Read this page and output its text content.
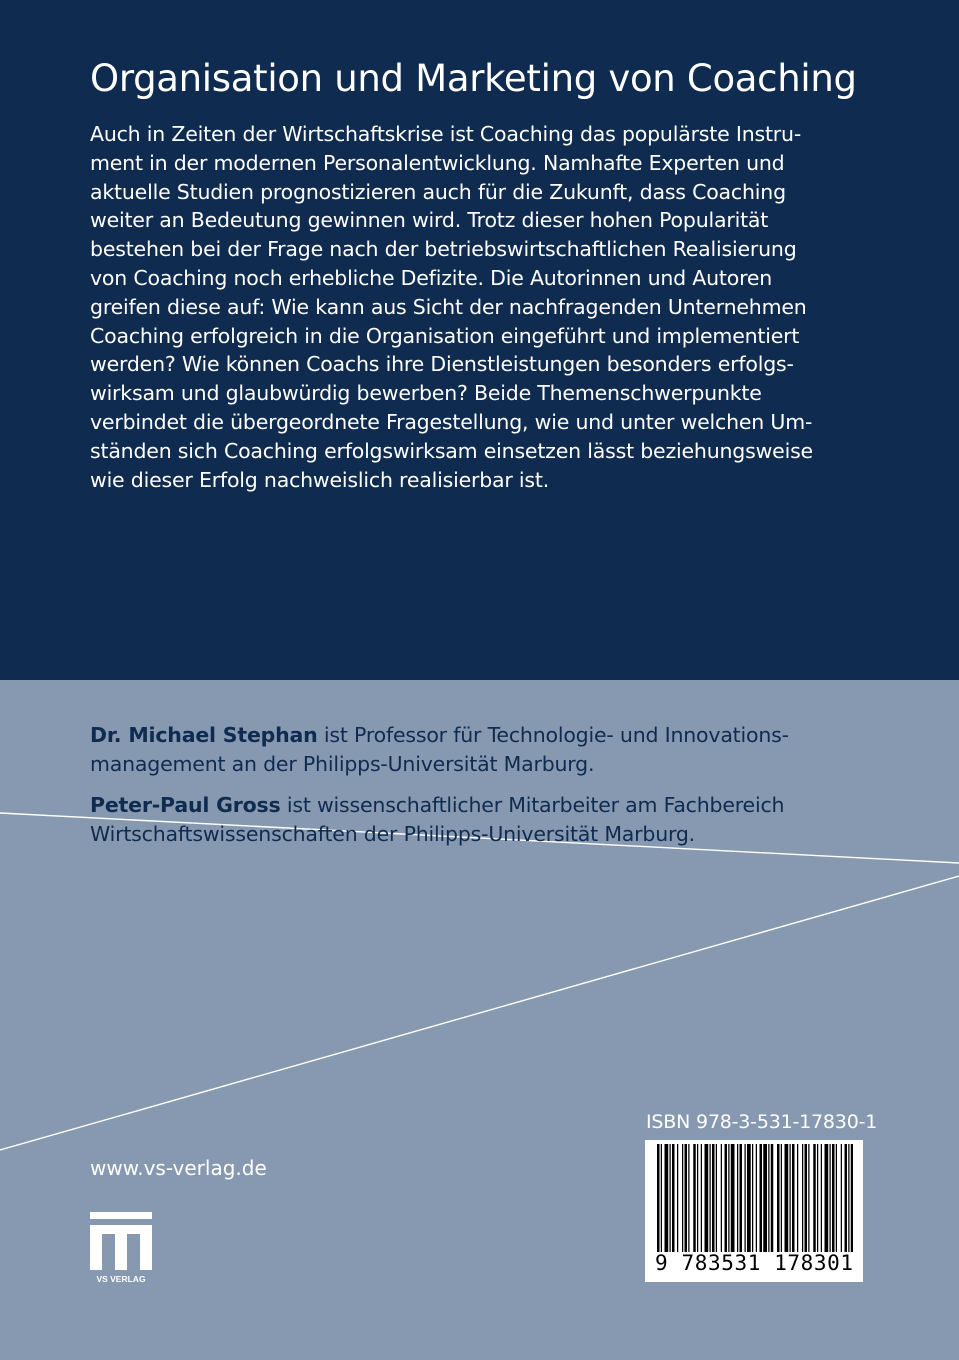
Organisation und Marketing von Coaching

Auch in Zeiten der Wirtschaftskrise ist Coaching das populärste Instru-
ment in der modernen Personalentwicklung. Namhafte Experten und
aktuelle Studien prognostizieren auch für die Zukunft, dass Coaching
weiter an Bedeutung gewinnen wird. Trotz dieser hohen Popularität
bestehen bei der Frage nach der betriebswirtschaftlichen Realisierung
von Coaching noch erhebliche Defizite. Die Autorinnen und Autoren
greifen diese auf: Wie kann aus Sicht der nachfragenden Unternehmen
Coaching erfolgreich in die Organisation eingeführt und implementiert
werden? Wie können Coachs ihre Dienstleistungen besonders erfolgs-
wirksam und glaubwürdig bewerben? Beide Themenschwerpunkte
verbindet die übergeordnete Fragestellung, wie und unter welchen Um-
ständen sich Coaching erfolgswirksam einsetzen lässt beziehungsweise
wie dieser Erfolg nachweislich realisierbar ist.

Dr. Michael Stephan ist Professor für Technologie- und Innovations-
management an der Philipps-Universität Marburg.

Peter-Paul Gross ist wissenschaftlicher Mitarbeiter am Fachbereich
Wirtschaftswissenschaften der Philipps-Universität Marburg.

www.vs-verlag.de
VS VERLAG
ISBN 978-3-531-17830-1
9 783531 178301
